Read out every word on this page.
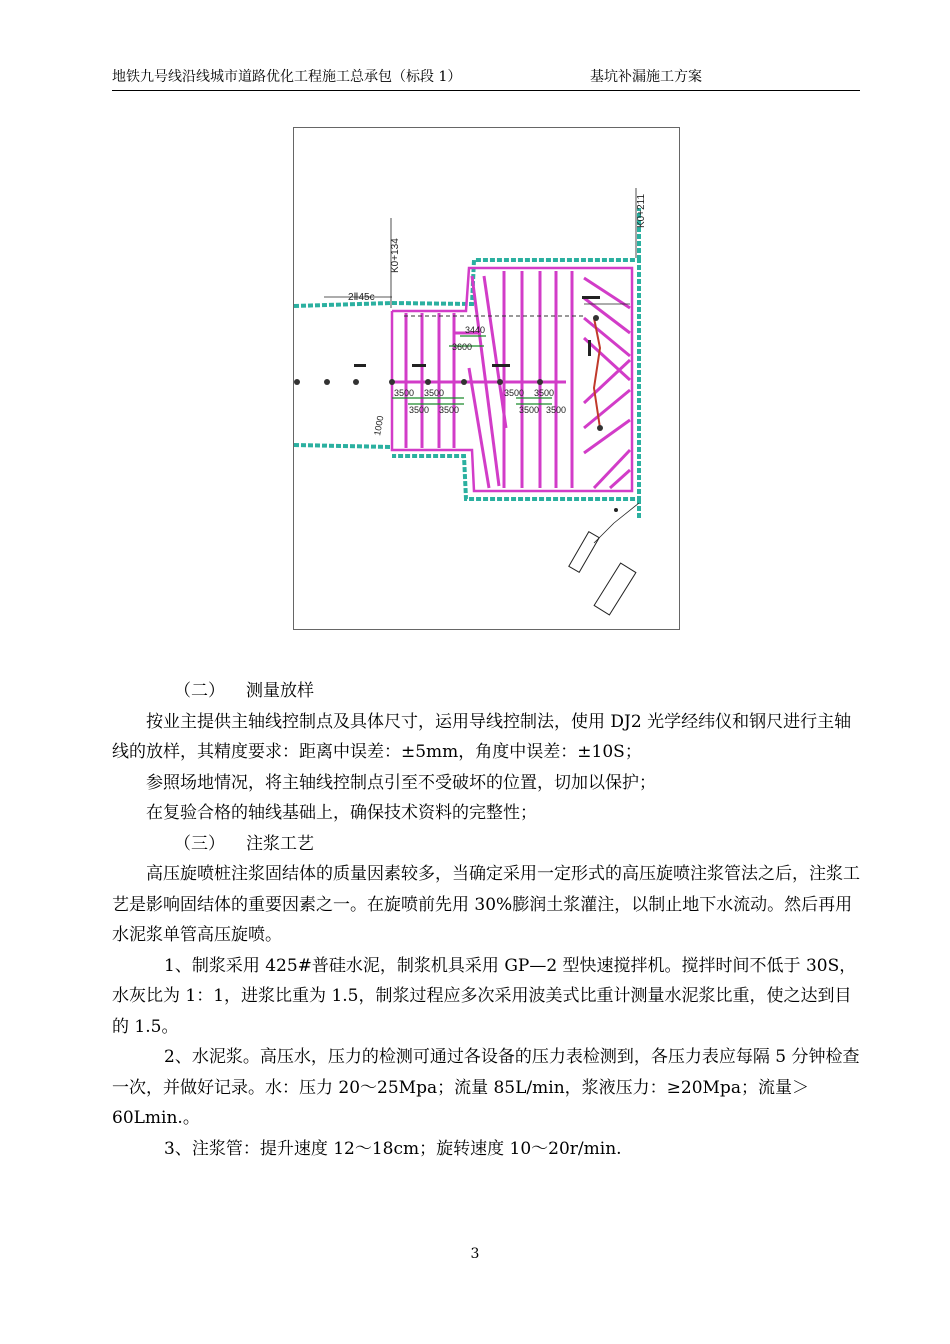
地铁九号线沿线城市道路优化工程施工总承包（标段 1）	基坑补漏施工方案
3440
3600
3500 3500	3500 3500
3500 3500	3500 3500
1000
K0+134
K0+211
2Ⅱ45c

（二） 测量放样

按业主提供主轴线控制点及具体尺寸，运用导线控制法，使用 DJ2 光学经纬仪和钢尺进行主轴线的放样，其精度要求：距离中误差：±5mm，角度中误差：±10S；

参照场地情况，将主轴线控制点引至不受破坏的位置，切加以保护；

在复验合格的轴线基础上，确保技术资料的完整性；

（三） 注浆工艺

高压旋喷桩注浆固结体的质量因素较多，当确定采用一定形式的高压旋喷注浆管法之后，注浆工艺是影响固结体的重要因素之一。在旋喷前先用 30%膨润土浆灌注，以制止地下水流动。然后再用水泥浆单管高压旋喷。

1、制浆采用 425#普硅水泥，制浆机具采用 GP—2 型快速搅拌机。搅拌时间不低于 30S，水灰比为 1：1，进浆比重为 1.5，制浆过程应多次采用波美式比重计测量水泥浆比重，使之达到目的 1.5。

2、水泥浆。高压水，压力的检测可通过各设备的压力表检测到，各压力表应每隔 5 分钟检查一次，并做好记录。水：压力 20～25Mpa；流量 85L/min，浆液压力：≥20Mpa；流量＞60Lmin.。

3、注浆管：提升速度 12～18cm；旋转速度 10～20r/min.

3
